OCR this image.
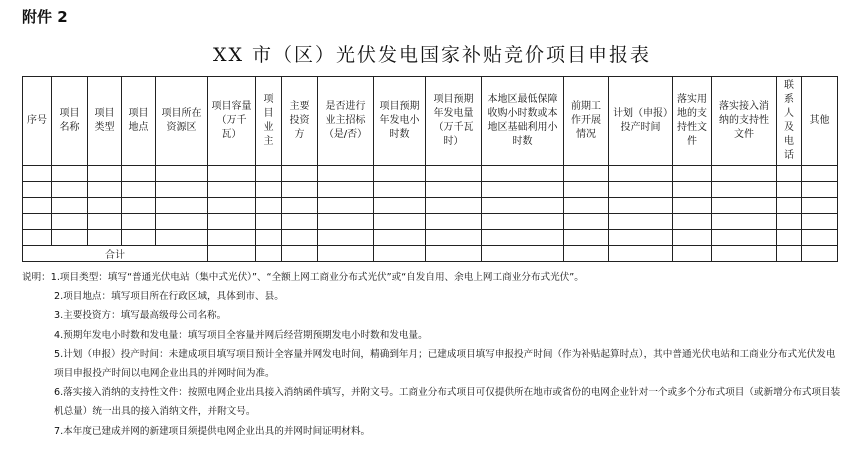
附件 2
XX 市（区）光伏发电国家补贴竞价项目申报表
序号	项目名称	项目类型	项目地点	项目所在资源区	项目容量（万千瓦）	项目业主	主要投资方	是否进行业主招标（是/否）	项目预期年发电小时数	项目预期年发电量（万千瓦时）	本地区最低保障收购小时数或本地区基础利用小时数	前期工作开展情况	计划（申报）投产时间	落实用地的支持性文件	落实接入消纳的支持性文件	联系人及电话	其他

合计																	

说明：1.项目类型：填写“普通光伏电站（集中式光伏）”、“全额上网工商业分布式光伏”或“自发自用、余电上网工商业分布式光伏”。

2.项目地点：填写项目所在行政区域，具体到市、县。

3.主要投资方：填写最高级母公司名称。

4.预期年发电小时数和发电量：填写项目全容量并网后经营期预期发电小时数和发电量。

5.计划（申报）投产时间：未建成项目填写项目预计全容量并网发电时间，精确到年月；已建成项目填写申报投产时间（作为补贴起算时点），其中普通光伏电站和工商业分布式光伏发电项目申报投产时间以电网企业出具的并网时间为准。

6.落实接入消纳的支持性文件：按照电网企业出具接入消纳函件填写，并附文号。工商业分布式项目可仅提供所在地市或省份的电网企业针对一个或多个分布式项目（或新增分布式项目装机总量）统一出具的接入消纳文件，并附文号。

7.本年度已建成并网的新建项目须提供电网企业出具的并网时间证明材料。
